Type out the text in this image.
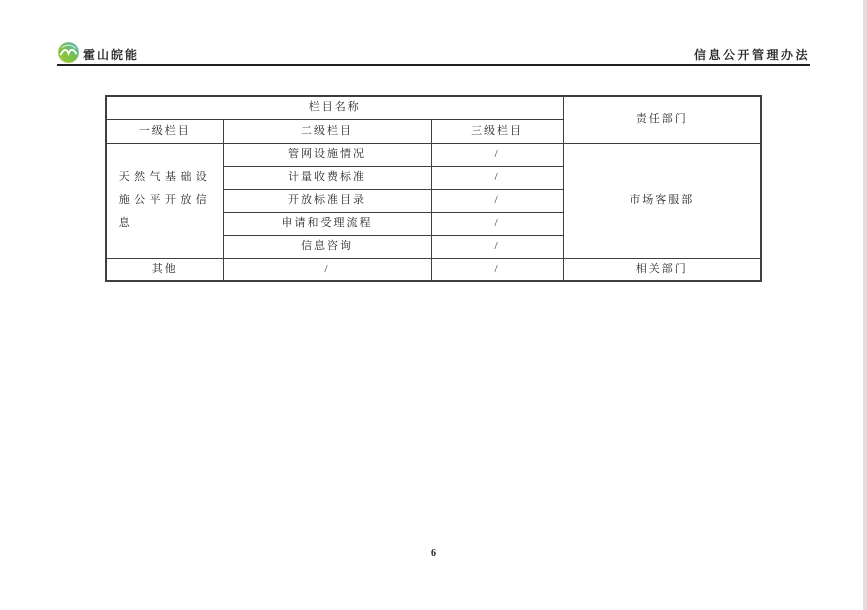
霍山皖能	信息公开管理办法
栏目名称			责任部门
一级栏目	二级栏目	三级栏目	

天然气基础设施公平开放信息	管网设施情况	/	市场客服部
	计量收费标准	/	
	开放标准目录	/	
	申请和受理流程	/	
	信息咨询	/	
其他	/	/	相关部门
6
